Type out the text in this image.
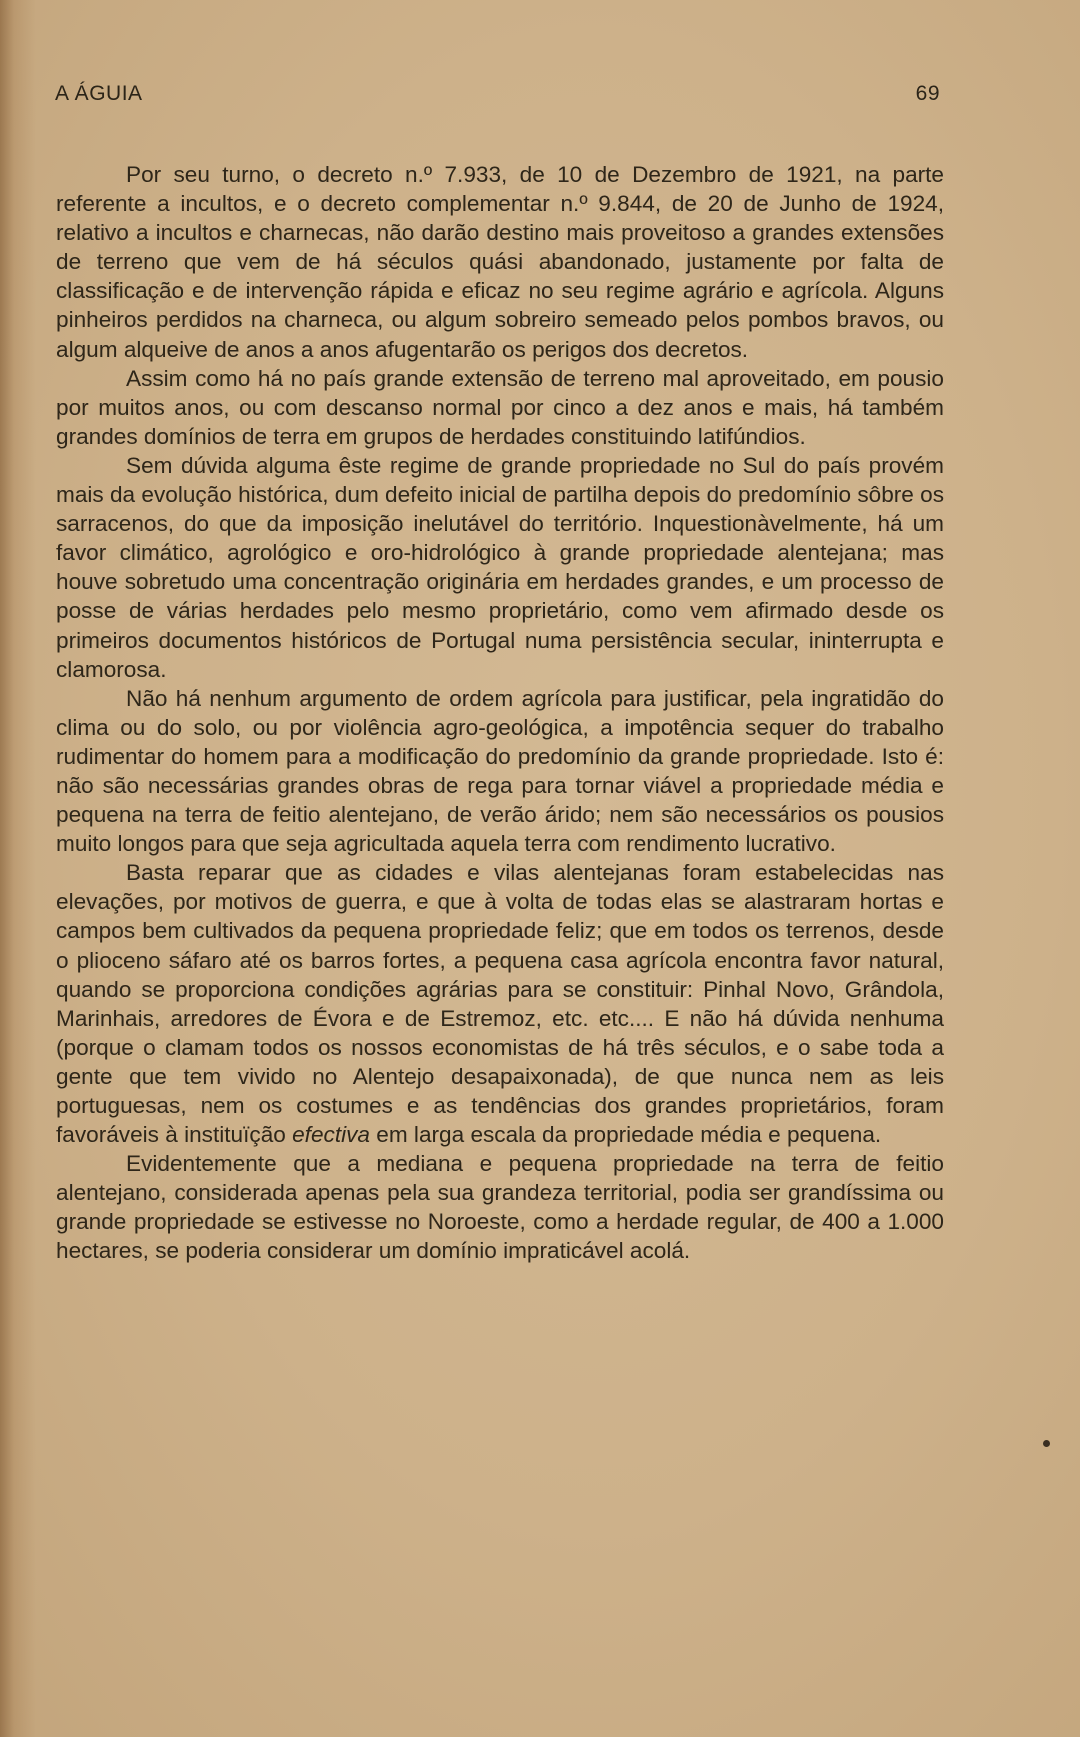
A ÁGUIA	69

Por seu turno, o decreto n.º 7.933, de 10 de Dezembro de 1921, na parte referente a incultos, e o decreto complementar n.º 9.844, de 20 de Junho de 1924, relativo a incultos e charnecas, não darão destino mais proveitoso a grandes extensões de terreno que vem de há séculos quási abandonado, justamente por falta de classificação e de intervenção rápida e eficaz no seu regime agrário e agrícola. Alguns pinheiros perdidos na charneca, ou algum sobreiro semeado pelos pombos bravos, ou algum alqueive de anos a anos afugentarão os perigos dos decretos.

Assim como há no país grande extensão de terreno mal aproveitado, em pousio por muitos anos, ou com descanso normal por cinco a dez anos e mais, há também grandes domínios de terra em grupos de herdades constituindo latifúndios.

Sem dúvida alguma êste regime de grande propriedade no Sul do país provém mais da evolução histórica, dum defeito inicial de partilha depois do predomínio sôbre os sarracenos, do que da imposição inelutável do território. Inquestionàvelmente, há um favor climático, agrológico e oro-hidrológico à grande propriedade alentejana; mas houve sobretudo uma concentração originária em herdades grandes, e um processo de posse de várias herdades pelo mesmo proprietário, como vem afirmado desde os primeiros documentos históricos de Portugal numa persistência secular, ininterrupta e clamorosa.

Não há nenhum argumento de ordem agrícola para justificar, pela ingratidão do clima ou do solo, ou por violência agro-geológica, a impotência sequer do trabalho rudimentar do homem para a modificação do predomínio da grande propriedade. Isto é: não são necessárias grandes obras de rega para tornar viável a propriedade média e pequena na terra de feitio alentejano, de verão árido; nem são necessários os pousios muito longos para que seja agricultada aquela terra com rendimento lucrativo.

Basta reparar que as cidades e vilas alentejanas foram estabelecidas nas elevações, por motivos de guerra, e que à volta de todas elas se alastraram hortas e campos bem cultivados da pequena propriedade feliz; que em todos os terrenos, desde o plioceno sáfaro até os barros fortes, a pequena casa agrícola encontra favor natural, quando se proporciona condições agrárias para se constituir: Pinhal Novo, Grândola, Marinhais, arredores de Évora e de Estremoz, etc. etc.... E não há dúvida nenhuma (porque o clamam todos os nossos economistas de há três séculos, e o sabe toda a gente que tem vivido no Alentejo desapaixonada), de que nunca nem as leis portuguesas, nem os costumes e as tendências dos grandes proprietários, foram favoráveis à instituïção efectiva em larga escala da propriedade média e pequena.

Evidentemente que a mediana e pequena propriedade na terra de feitio alentejano, considerada apenas pela sua grandeza territorial, podia ser grandíssima ou grande propriedade se estivesse no Noroeste, como a herdade regular, de 400 a 1.000 hectares, se poderia considerar um domínio impraticável acolá.
